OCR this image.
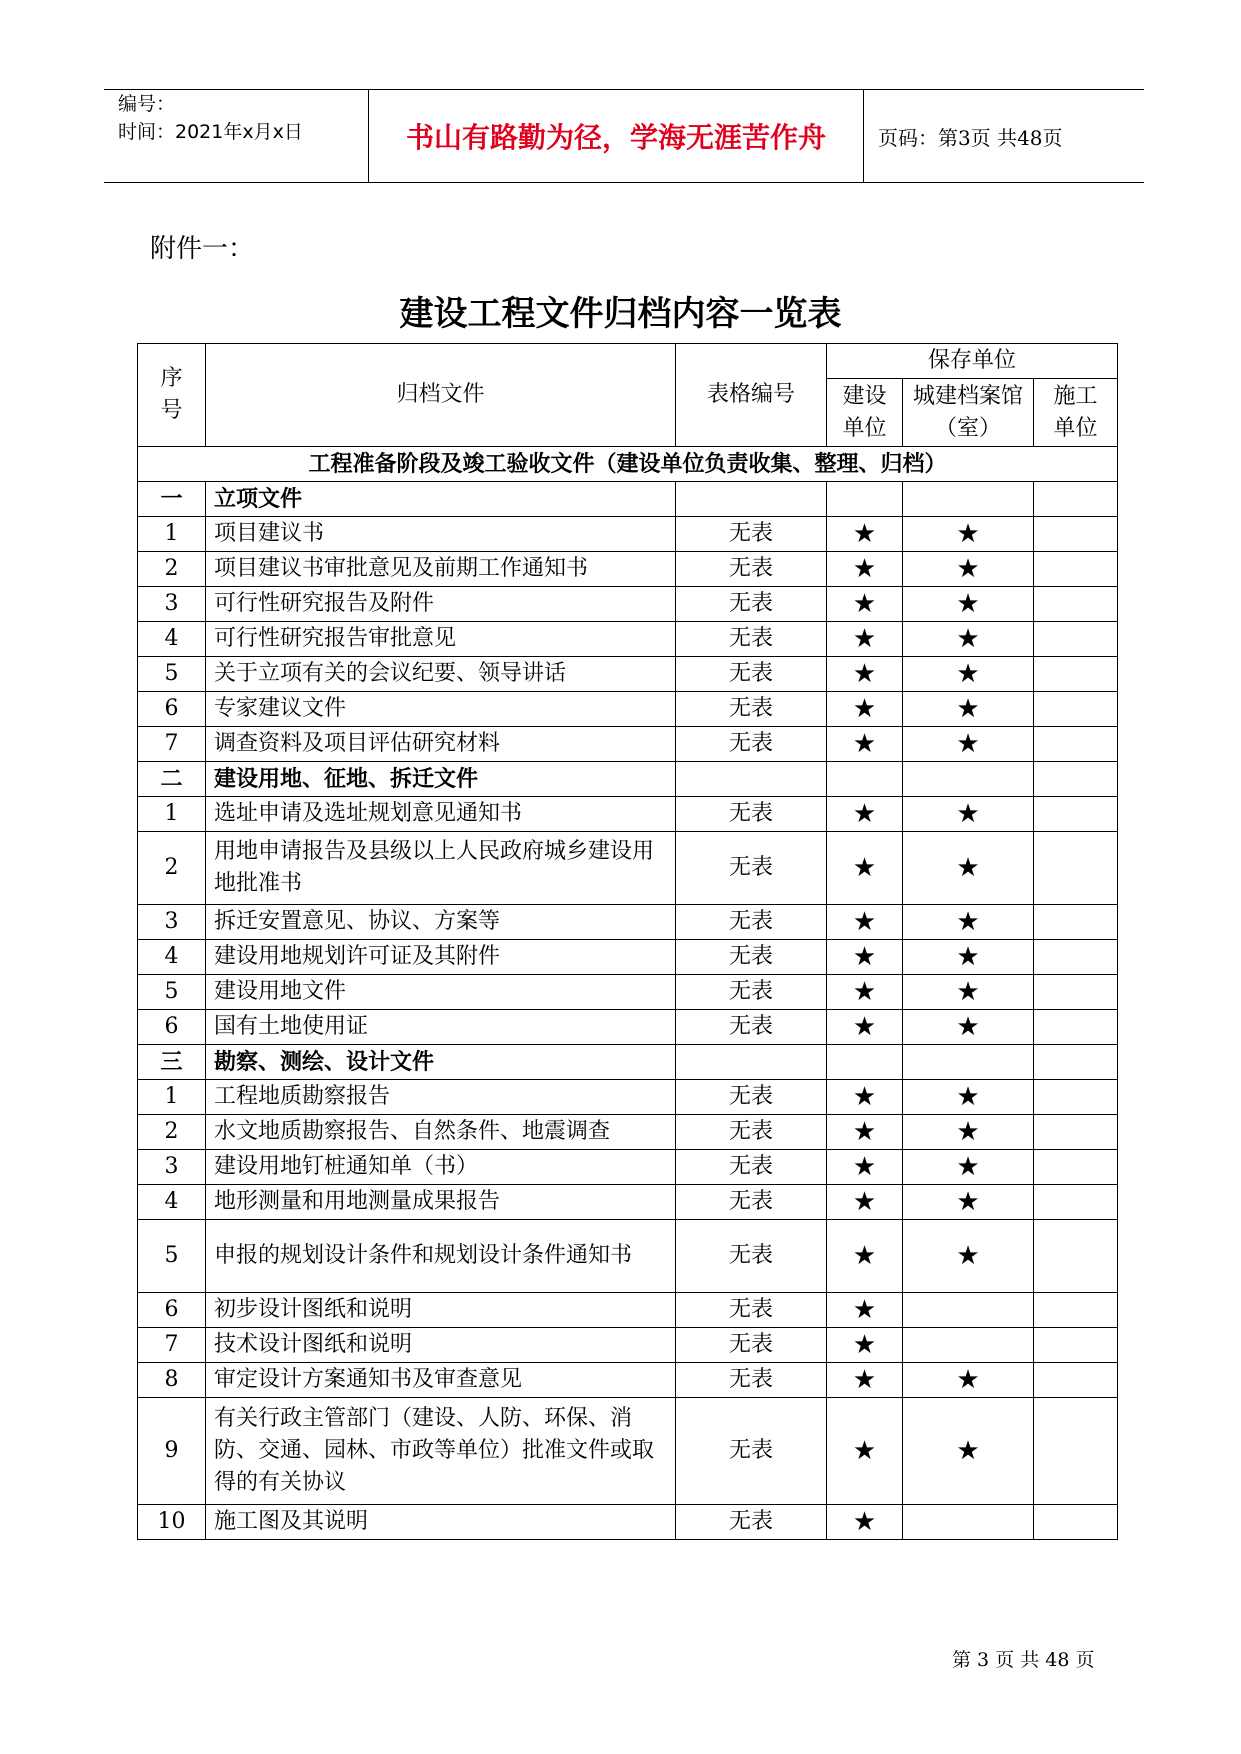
编号：
时间：2021年x月x日	书山有路勤为径，学海无涯苦作舟	页码：第3页 共48页
附件一：
建设工程文件归档内容一览表
序号	归档文件	表格编号	保存单位		
			建设单位	城建档案馆（室）	施工单位
工程准备阶段及竣工验收文件（建设单位负责收集、整理、归档）					
一	立项文件				
1	项目建议书	无表	★	★	
2	项目建议书审批意见及前期工作通知书	无表	★	★	
3	可行性研究报告及附件	无表	★	★	
4	可行性研究报告审批意见	无表	★	★	
5	关于立项有关的会议纪要、领导讲话	无表	★	★	
6	专家建议文件	无表	★	★	
7	调查资料及项目评估研究材料	无表	★	★	
二	建设用地、征地、拆迁文件				
1	选址申请及选址规划意见通知书	无表	★	★	
2	用地申请报告及县级以上人民政府城乡建设用地批准书	无表	★	★	
3	拆迁安置意见、协议、方案等	无表	★	★	
4	建设用地规划许可证及其附件	无表	★	★	
5	建设用地文件	无表	★	★	
6	国有土地使用证	无表	★	★	
三	勘察、测绘、设计文件				
1	工程地质勘察报告	无表	★	★	
2	水文地质勘察报告、自然条件、地震调查	无表	★	★	
3	建设用地钉桩通知单（书）	无表	★	★	
4	地形测量和用地测量成果报告	无表	★	★	
5	申报的规划设计条件和规划设计条件通知书	无表	★	★	
6	初步设计图纸和说明	无表	★		
7	技术设计图纸和说明	无表	★		
8	审定设计方案通知书及审查意见	无表	★	★	
9	有关行政主管部门（建设、人防、环保、消防、交通、园林、市政等单位）批准文件或取得的有关协议	无表	★	★	
10	施工图及其说明	无表	★		
第 3 页 共 48 页
